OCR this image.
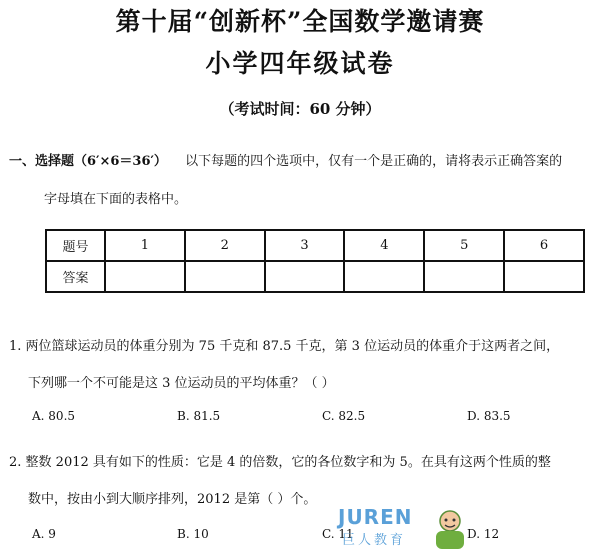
第十届“创新杯”全国数学邀请赛
小学四年级试卷
（考试时间：60 分钟）
一、选择题（6′×6＝36′） 以下每题的四个选项中，仅有一个是正确的，请将表示正确答案的
字母填在下面的表格中。
题号	1	2	3	4	5	6
答案						
1. 两位篮球运动员的体重分别为 75 千克和 87.5 千克，第 3 位运动员的体重介于这两者之间，
下列哪一个不可能是这 3 位运动员的平均体重？（ ）
A. 80.5	B. 81.5	C. 82.5	D. 83.5
2. 整数 2012 具有如下的性质：它是 4 的倍数，它的各位数字和为 5。在具有这两个性质的整
数中，按由小到大顺序排列，2012 是第（ ）个。
A. 9	B. 10	C. 11	D. 12
JUREN
巨人教育
